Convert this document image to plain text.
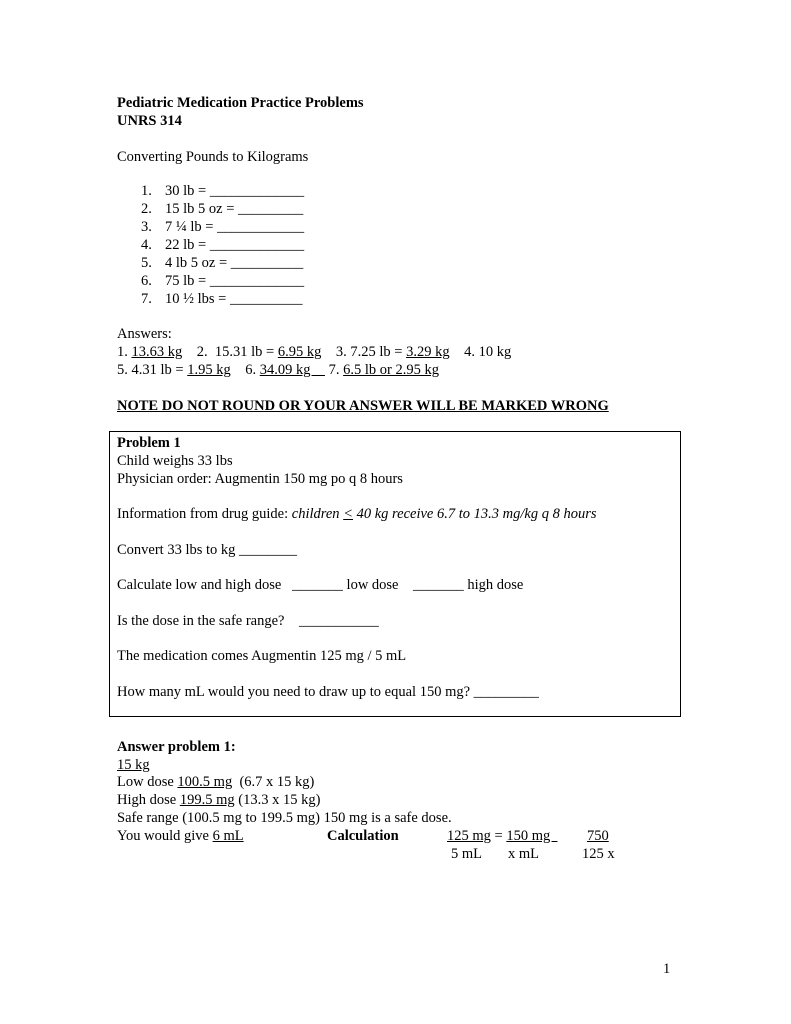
Pediatric Medication Practice Problems
UNRS 314
Converting Pounds to Kilograms
1. 30 lb = _____________
2. 15 lb 5 oz = _________
3. 7 ¼ lb = ____________
4. 22 lb = _____________
5. 4 lb 5 oz = __________
6. 75 lb = _____________
7. 10 ½ lbs = __________
Answers:
1. 13.63 kg    2.  15.31 lb = 6.95 kg    3. 7.25 lb = 3.29 kg    4. 10 kg
5. 4.31 lb = 1.95 kg    6. 34.09 kg     7. 6.5 lb or 2.95 kg
NOTE DO NOT ROUND OR YOUR ANSWER WILL BE MARKED WRONG
Problem 1
Child weighs 33 lbs
Physician order: Augmentin 150 mg po q 8 hours
Information from drug guide: children ≤ 40 kg receive 6.7 to 13.3 mg/kg q 8 hours
Convert 33 lbs to kg ________
Calculate low and high dose   _______ low dose    _______ high dose
Is the dose in the safe range?    ___________
The medication comes Augmentin 125 mg / 5 mL
How many mL would you need to draw up to equal 150 mg? _________
Answer problem 1:
15 kg
Low dose 100.5 mg  (6.7 x 15 kg)
High dose 199.5 mg (13.3 x 15 kg)
Safe range (100.5 mg to 199.5 mg) 150 mg is a safe dose.
You would give 6 mL	Calculation	125 mg = 150 mg 750
5 mL x mL	125 x
1
